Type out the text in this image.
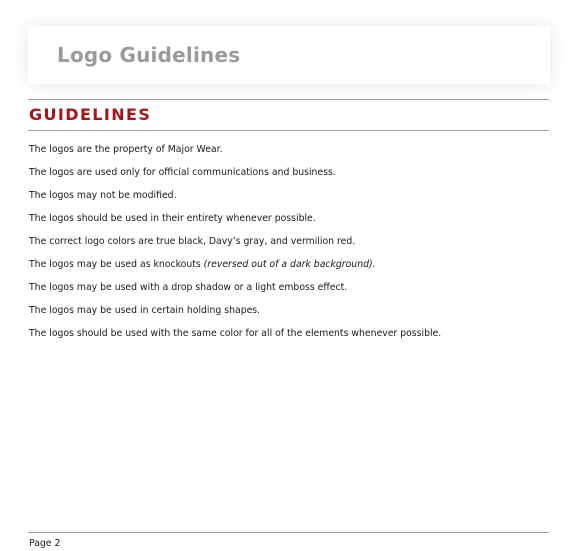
Logo Guidelines
GUIDELINES
The logos are the property of Major Wear.
The logos are used only for official communications and business.
The logos may not be modified.
The logos should be used in their entirety whenever possible.
The correct logo colors are true black, Davy’s gray, and vermilion red.
The logos may be used as knockouts (reversed out of a dark background).
The logos may be used with a drop shadow or a light emboss effect.
The logos may be used in certain holding shapes.
The logos should be used with the same color for all of the elements whenever possible.
Page 2
